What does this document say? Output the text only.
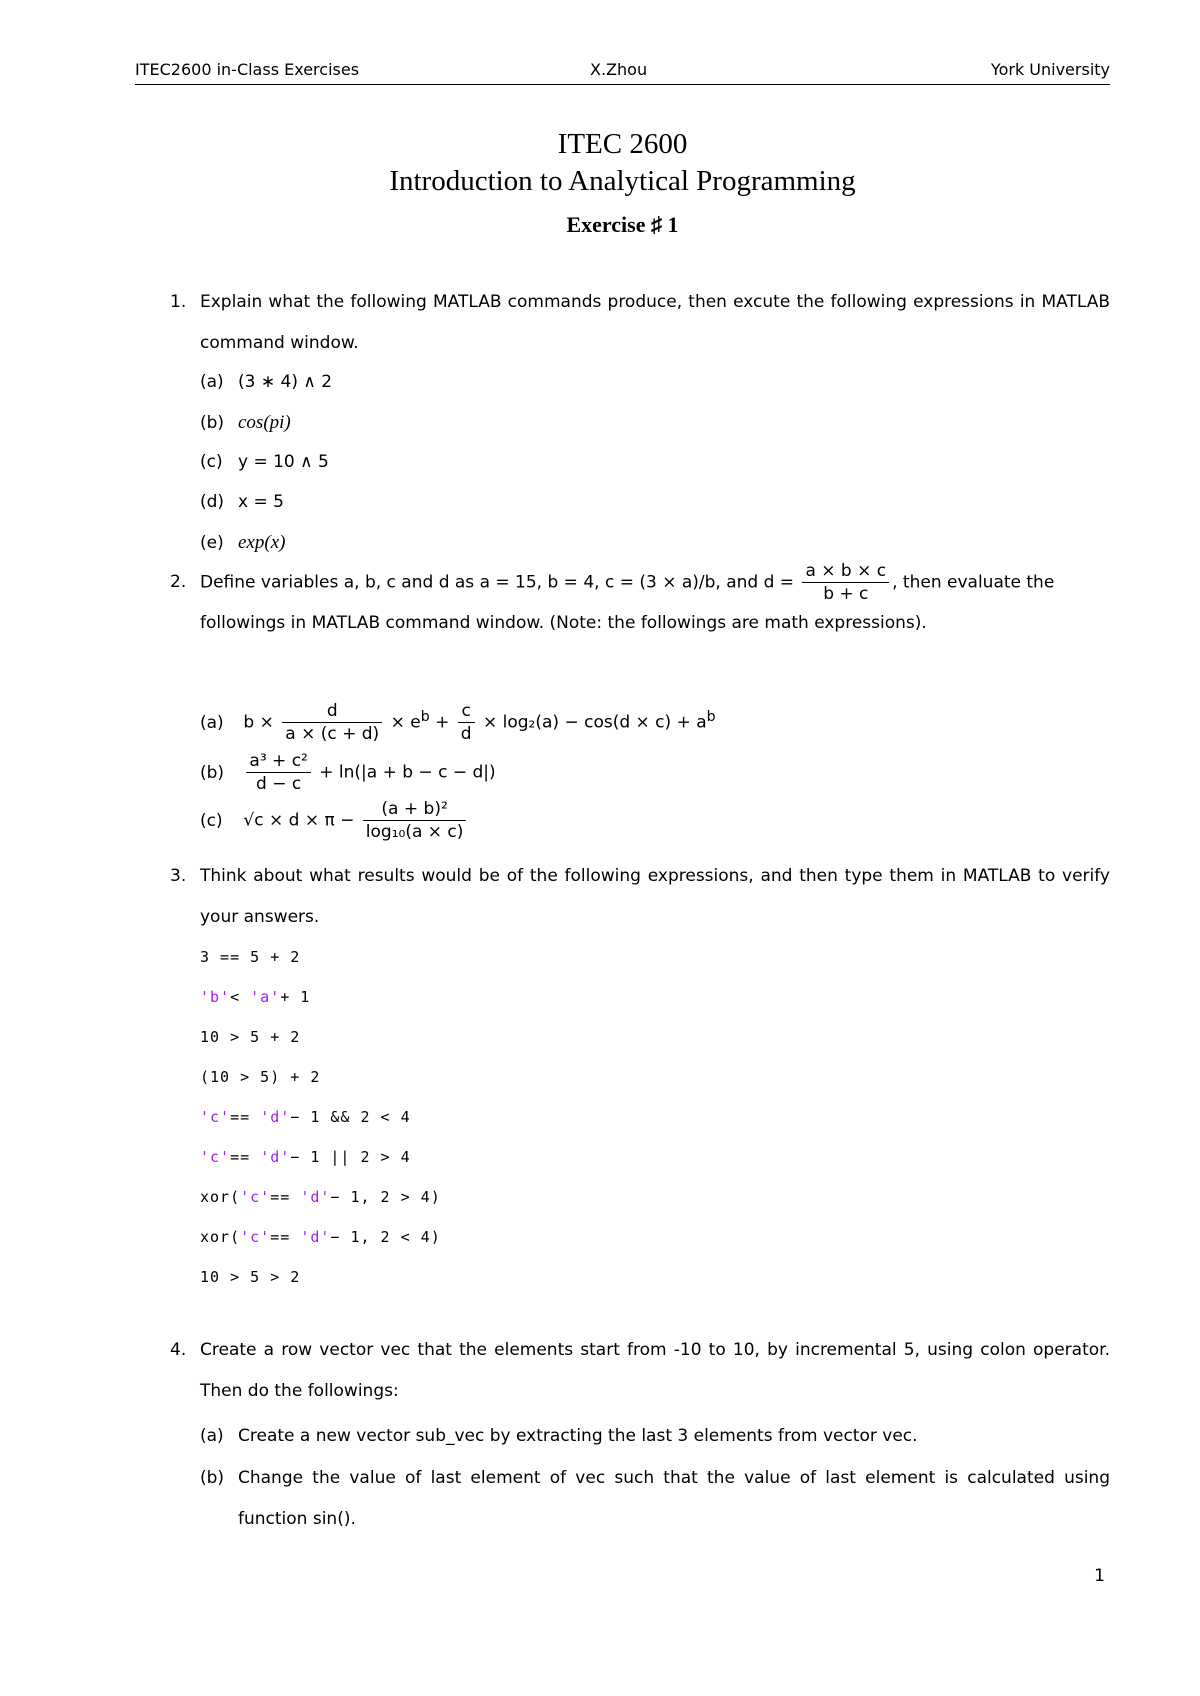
ITEC2600 in-Class Exercises	X.Zhou	York University
ITEC 2600
Introduction to Analytical Programming
Exercise ♯ 1
1. Explain what the following MATLAB commands produce, then excute the following expressions in MATLAB command window.
(a) (3 ∗ 4) ∧ 2
(b) cos(pi)
(c) y = 10 ∧ 5
(d) x = 5
(e) exp(x)
2. Define variables a, b, c and d as a = 15, b = 4, c = (3 × a)/b, and $d = \frac{a \times b \times c}{b + c}$ , then evaluate the
followings in MATLAB command window. (Note: the followings are math expressions).
(a) $b \times \frac{d}{a \times (c + d)} \times e^b + \frac{c}{d} \times \log_2(a) - \cos(d \times c) + a^b$
$(b) \frac{\text{a³ + c²}}{d - c} + \ln(|a + b - c - d|)$
(c) $√c \times d \times \pi - \frac{\text{(a + b)²}}{\text{log₁₀(a × c)}}$
3. Think about what results would be of the following expressions, and then type them in MATLAB to verify your answers.
3 == 5 + 2
'b'< 'a'+ 1
10 > 5 + 2
(10 > 5) + 2
'c'== 'd'− 1 && 2 < 4
'c'== 'd'− 1 || 2 > 4
xor('c'== 'd'− 1, 2 > 4)
xor('c'== 'd'− 1, 2 < 4)
10 > 5 > 2
4. Create a row vector vec that the elements start from -10 to 10, by incremental 5, using colon operator. Then do the followings:
(a) Create a new vector sub_vec by extracting the last 3 elements from vector vec.
(b) Change the value of last element of vec such that the value of last element is calculated using function sin().
1
